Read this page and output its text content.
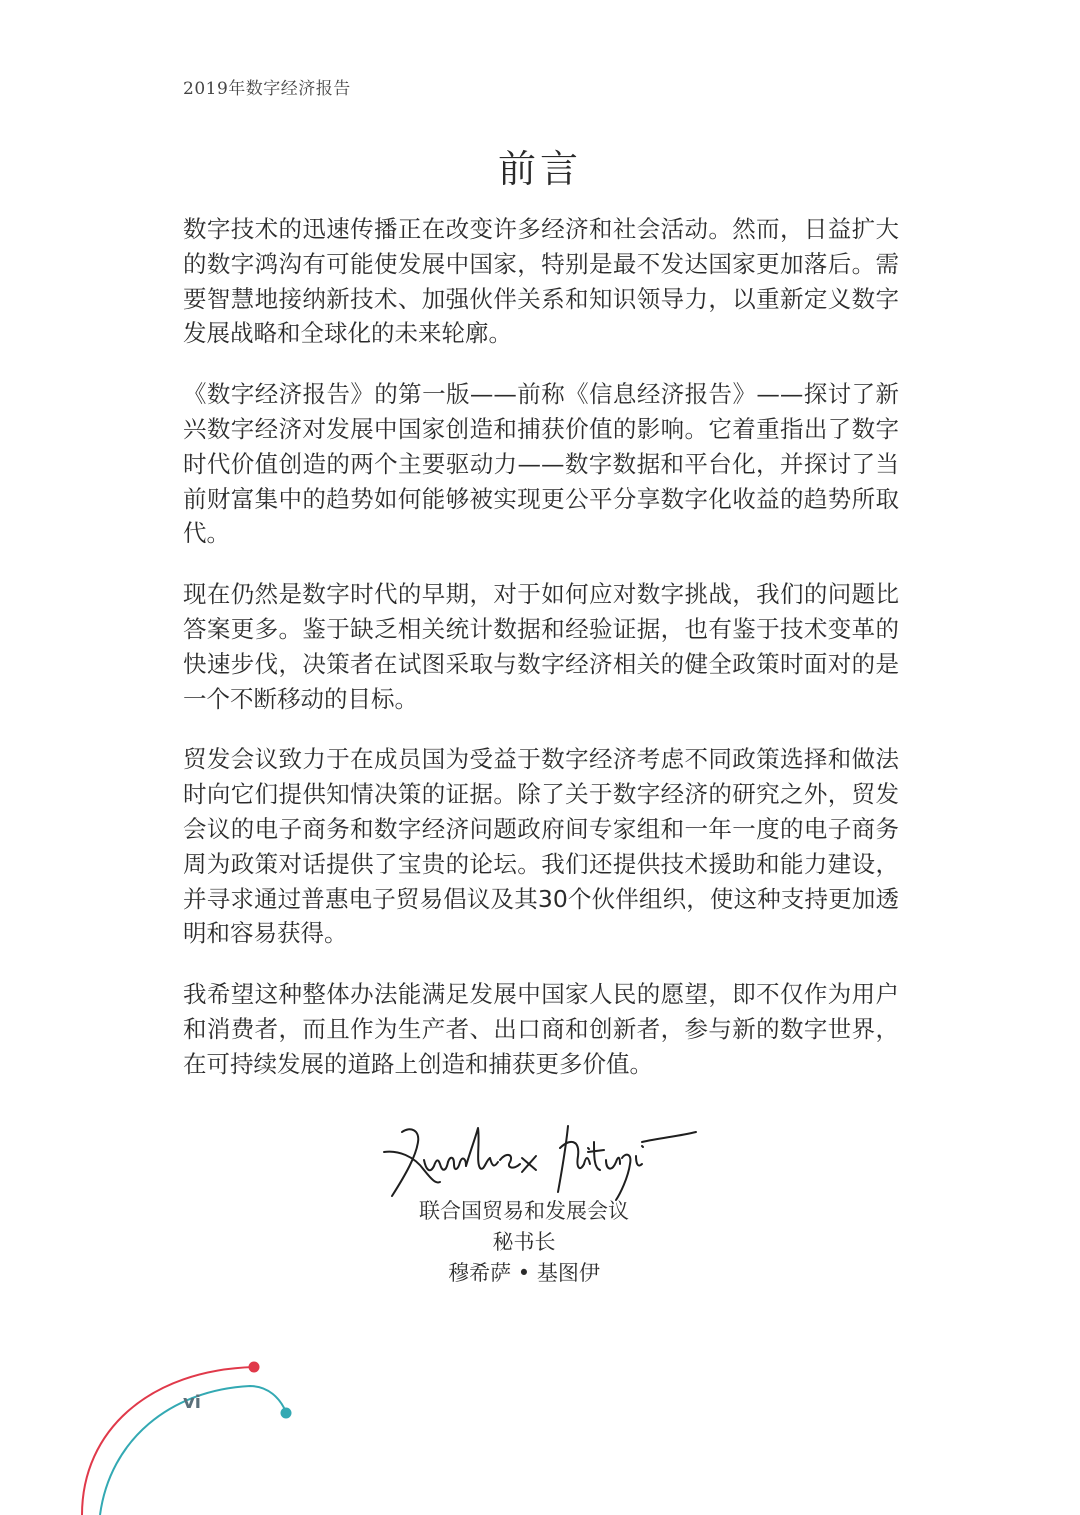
2019年数字经济报告
前言

数字技术的迅速传播正在改变许多经济和社会活动。然而，日益扩大的数字鸿沟有可能使发展中国家，特别是最不发达国家更加落后。需要智慧地接纳新技术、加强伙伴关系和知识领导力，以重新定义数字发展战略和全球化的未来轮廓。

《数字经济报告》的第一版——前称《信息经济报告》——探讨了新兴数字经济对发展中国家创造和捕获价值的影响。它着重指出了数字时代价值创造的两个主要驱动力——数字数据和平台化，并探讨了当前财富集中的趋势如何能够被实现更公平分享数字化收益的趋势所取代。

现在仍然是数字时代的早期，对于如何应对数字挑战，我们的问题比答案更多。鉴于缺乏相关统计数据和经验证据，也有鉴于技术变革的快速步伐，决策者在试图采取与数字经济相关的健全政策时面对的是一个不断移动的目标。

贸发会议致力于在成员国为受益于数字经济考虑不同政策选择和做法时向它们提供知情决策的证据。除了关于数字经济的研究之外，贸发会议的电子商务和数字经济问题政府间专家组和一年一度的电子商务周为政策对话提供了宝贵的论坛。我们还提供技术援助和能力建设，并寻求通过普惠电子贸易倡议及其30个伙伴组织，使这种支持更加透明和容易获得。

我希望这种整体办法能满足发展中国家人民的愿望，即不仅作为用户和消费者，而且作为生产者、出口商和创新者，参与新的数字世界，在可持续发展的道路上创造和捕获更多价值。

联合国贸易和发展会议
秘书长
穆希萨 • 基图伊
vi
